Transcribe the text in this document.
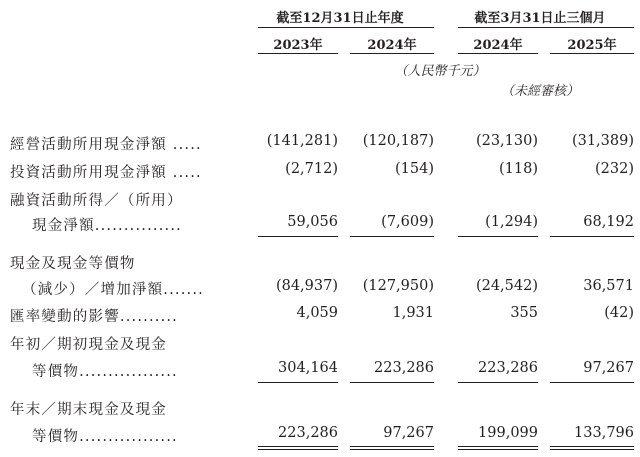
截至12月31日止年度	截至3月31日止三個月
2023年	2024年	2024年	2025年
（人民幣千元）
（未經審核）
經營活動所用現金淨額 .....	(141,281)	(120,187)	(23,130)	(31,389)
投資活動所用現金淨額 .....	(2,712)	(154)	(118)	(232)
融資活動所得／（所用）
現金淨額...............	59,056	(7,609)	(1,294)	68,192
現金及現金等價物
（減少）／增加淨額.......	(84,937)	(127,950)	(24,542)	36,571
匯率變動的影響..........	4,059	1,931	355	(42)
年初／期初現金及現金
等價物.................	304,164	223,286	223,286	97,267
年末／期末現金及現金
等價物.................	223,286	97,267	199,099	133,796
